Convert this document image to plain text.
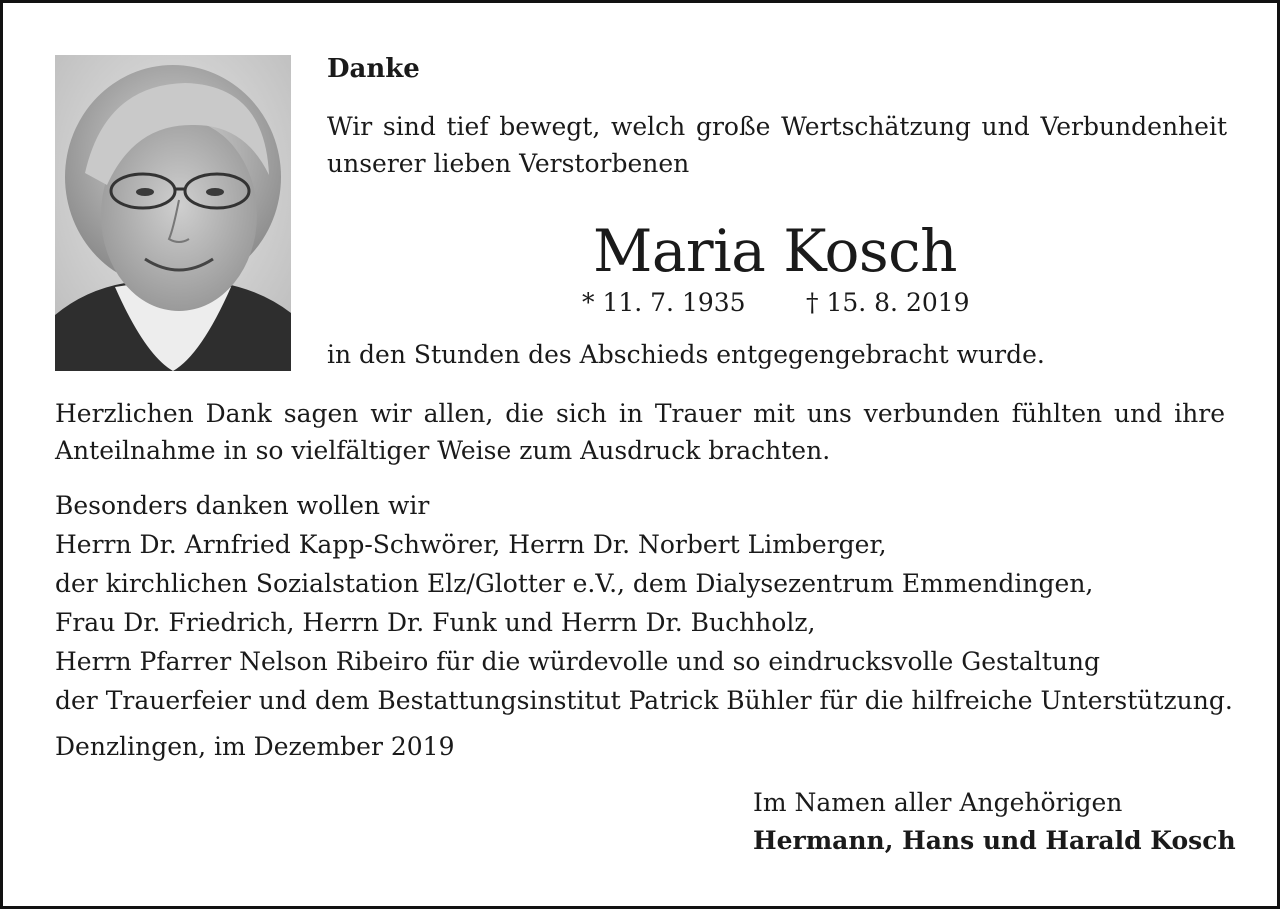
Danke

Wir sind tief bewegt, welch große Wertschätzung und Verbundenheit
unserer lieben Verstorbenen

Maria Kosch

* 11. 7. 1935 † 15. 8. 2019

in den Stunden des Abschieds entgegengebracht wurde.

Herzlichen Dank sagen wir allen, die sich in Trauer mit uns verbunden fühlten und ihre
Anteilnahme in so vielfältiger Weise zum Ausdruck brachten.

Besonders danken wollen wir
Herrn Dr. Arnfried Kapp-Schwörer, Herrn Dr. Norbert Limberger,
der kirchlichen Sozialstation Elz/Glotter e.V., dem Dialysezentrum Emmendingen,
Frau Dr. Friedrich, Herrn Dr. Funk und Herrn Dr. Buchholz,
Herrn Pfarrer Nelson Ribeiro für die würdevolle und so eindrucksvolle Gestaltung
der Trauerfeier und dem Bestattungsinstitut Patrick Bühler für die hilfreiche Unterstützung.

Denzlingen, im Dezember 2019

Im Namen aller Angehörigen

Hermann, Hans und Harald Kosch
